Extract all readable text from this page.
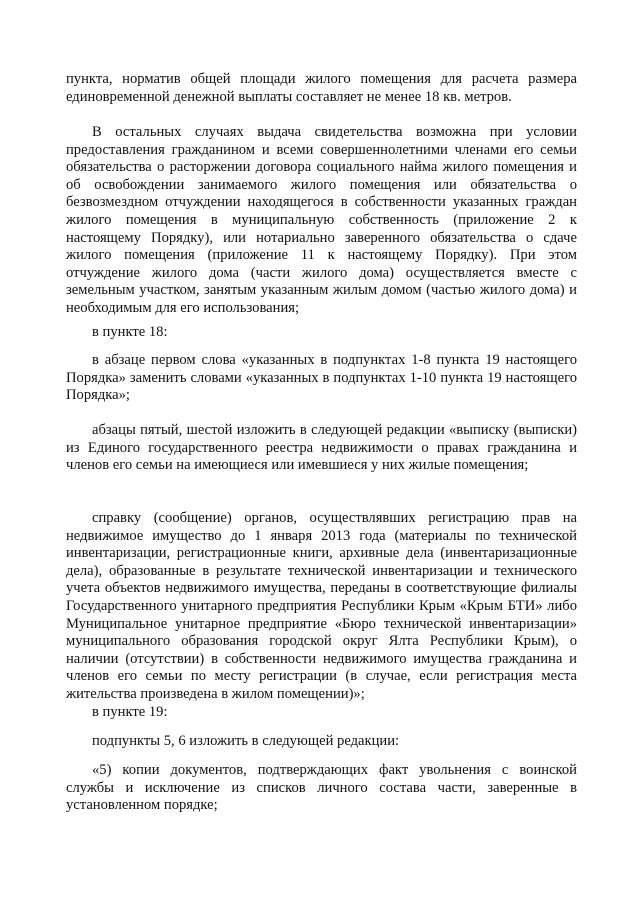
пункта, норматив общей площади жилого помещения для расчета размера единовременной денежной выплаты составляет не менее 18 кв. метров.

В остальных случаях выдача свидетельства возможна при условии предоставления гражданином и всеми совершеннолетними членами его семьи обязательства о расторжении договора социального найма жилого помещения и об освобождении занимаемого жилого помещения или обязательства о безвозмездном отчуждении находящегося в собственности указанных граждан жилого помещения в муниципальную собственность (приложение 2 к настоящему Порядку), или нотариально заверенного обязательства о сдаче жилого помещения (приложение 11 к настоящему Порядку). При этом отчуждение жилого дома (части жилого дома) осуществляется вместе с земельным участком, занятым указанным жилым домом (частью жилого дома) и необходимым для его использования;

в пункте 18:

в абзаце первом слова «указанных в подпунктах 1-8 пункта 19 настоящего Порядка» заменить словами «указанных в подпунктах 1-10 пункта 19 настоящего Порядка»;

абзацы пятый, шестой изложить в следующей редакции «выписку (выписки) из Единого государственного реестра недвижимости о правах гражданина и членов его семьи на имеющиеся или имевшиеся у них жилые помещения;

справку (сообщение) органов, осуществлявших регистрацию прав на недвижимое имущество до 1 января 2013 года (материалы по технической инвентаризации, регистрационные книги, архивные дела (инвентаризационные дела), образованные в результате технической инвентаризации и технического учета объектов недвижимого имущества, переданы в соответствующие филиалы Государственного унитарного предприятия Республики Крым «Крым БТИ» либо Муниципальное унитарное предприятие «Бюро технической инвентаризации» муниципального образования городской округ Ялта Республики Крым), о наличии (отсутствии) в собственности недвижимого имущества гражданина и членов его семьи по месту регистрации (в случае, если регистрация места жительства произведена в жилом помещении)»;

в пункте 19:

подпункты 5, 6 изложить в следующей редакции:

«5) копии документов, подтверждающих факт увольнения с воинской службы и исключение из списков личного состава части, заверенные в установленном порядке;
